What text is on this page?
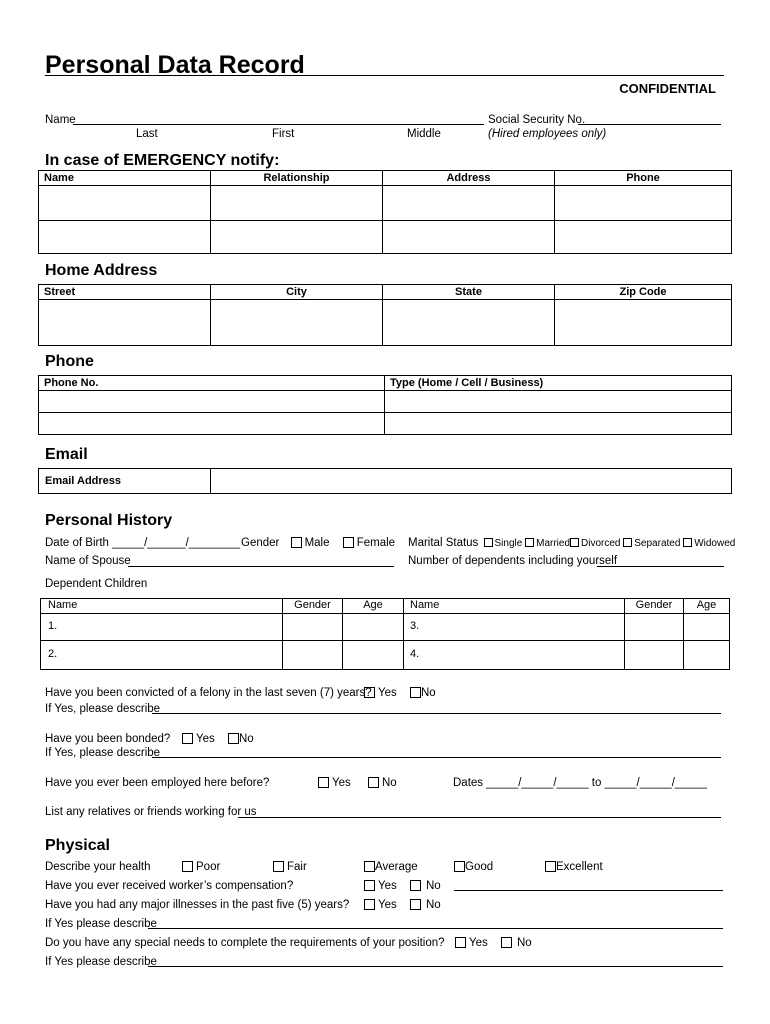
Personal Data Record
CONFIDENTIAL
Name
Last	First	Middle
Social Security No.
(Hired employees only)
In case of EMERGENCY notify:
Name	Relationship	Address	Phone

Home Address
Street	City	State	Zip Code

Phone
Phone No.	Type (Home / Cell / Business)

Email
Email Address	
Personal History
Date of Birth _____/______/________ Gender Male Female Marital Status Single Married Divorced Separated Widowed
Name of Spouse	Number of dependents including yourself
Dependent Children
Name	Gender	Age	Name	Gender	Age
1.			3.		
2.			4.		
Have you been convicted of a felony in the last seven (7) years? Yes No
If Yes, please describe
Have you been bonded?	Yes No
If Yes, please describe
Have you ever been employed here before?	Yes	No	Dates _____/_____/_____ to _____/_____/_____
List any relatives or friends working for us
Physical
Describe your health	Poor	Fair	Average	Good	Excellent
Have you ever received worker’s compensation?	Yes	No
Have you had any major illnesses in the past five (5) years?	Yes	No
If Yes please describe
Do you have any special needs to complete the requirements of your position?	Yes	No
If Yes please describe
